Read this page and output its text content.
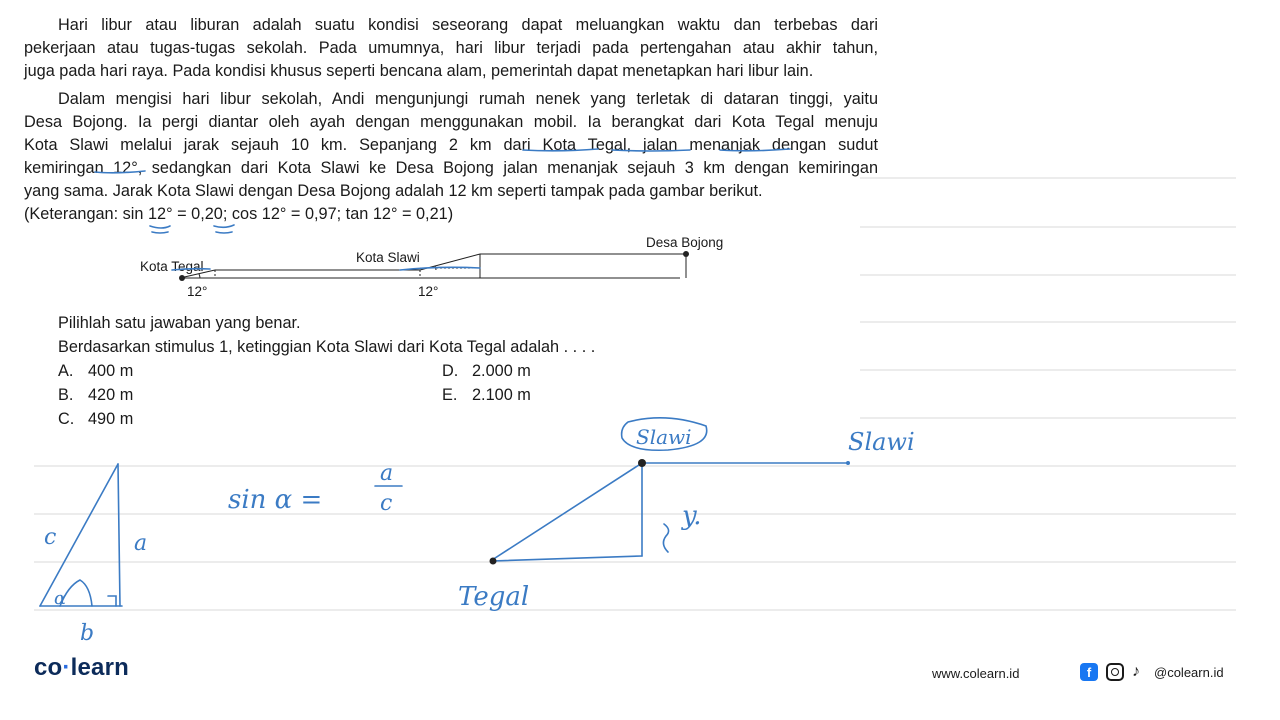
Hari libur atau liburan adalah suatu kondisi seseorang dapat meluangkan waktu dan terbebas dari
pekerjaan atau tugas-tugas sekolah. Pada umumnya, hari libur terjadi pada pertengahan atau akhir tahun,
juga pada hari raya. Pada kondisi khusus seperti bencana alam, pemerintah dapat menetapkan hari libur lain.
Dalam mengisi hari libur sekolah, Andi mengunjungi rumah nenek yang terletak di dataran tinggi, yaitu
Desa Bojong. Ia pergi diantar oleh ayah dengan menggunakan mobil. Ia berangkat dari Kota Tegal menuju
Kota Slawi melalui jarak sejauh 10 km. Sepanjang 2 km dari Kota Tegal, jalan menanjak dengan sudut
kemiringan 12°, sedangkan dari Kota Slawi ke Desa Bojong jalan menanjak sejauh 3 km dengan kemiringan
yang sama. Jarak Kota Slawi dengan Desa Bojong adalah 12 km seperti tampak pada gambar berikut.
(Keterangan: sin 12° = 0,20; cos 12° = 0,97; tan 12° = 0,21)
Kota Tegal
Kota Slawi
Desa Bojong
12°	12°
Pilihlah satu jawaban yang benar.
Berdasarkan stimulus 1, ketinggian Kota Slawi dari Kota Tegal adalah . . . .
A. 400 m
B. 420 m
C. 490 m
D. 2.000 m
E. 2.100 m
c	a
b
α
sin α =
a
c
Slawi	Slawi
Tegal
y.
co·learn	www.colearn.id	f	♪	@colearn.id
